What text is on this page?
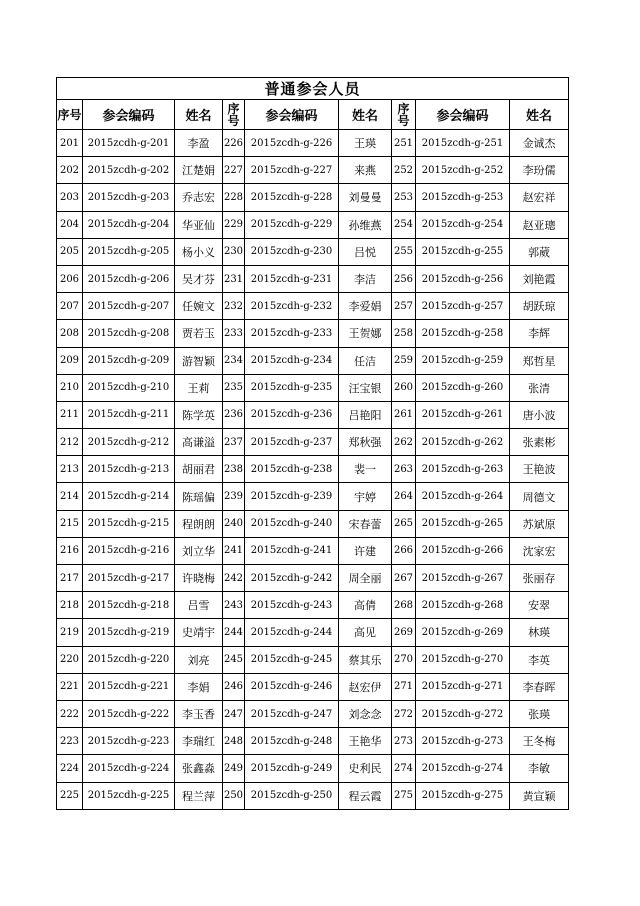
普通参会人员								
序号	参会编码	姓名	序号	参会编码	姓名	序号	参会编码	姓名
201	2015zcdh-g-201	李盈	226	2015zcdh-g-226	王瑛	251	2015zcdh-g-251	金诚杰
202	2015zcdh-g-202	江楚娟	227	2015zcdh-g-227	来燕	252	2015zcdh-g-252	李玢儒
203	2015zcdh-g-203	乔志宏	228	2015zcdh-g-228	刘曼曼	253	2015zcdh-g-253	赵宏祥
204	2015zcdh-g-204	华亚仙	229	2015zcdh-g-229	孙维燕	254	2015zcdh-g-254	赵亚璁
205	2015zcdh-g-205	杨小义	230	2015zcdh-g-230	吕悦	255	2015zcdh-g-255	郭葳
206	2015zcdh-g-206	吴才芬	231	2015zcdh-g-231	李洁	256	2015zcdh-g-256	刘艳霞
207	2015zcdh-g-207	任婉文	232	2015zcdh-g-232	李爱娟	257	2015zcdh-g-257	胡跃琼
208	2015zcdh-g-208	贾若玉	233	2015zcdh-g-233	王贺娜	258	2015zcdh-g-258	李辉
209	2015zcdh-g-209	游智颖	234	2015zcdh-g-234	任洁	259	2015zcdh-g-259	郑哲星
210	2015zcdh-g-210	王莉	235	2015zcdh-g-235	汪宝银	260	2015zcdh-g-260	张清
211	2015zcdh-g-211	陈学英	236	2015zcdh-g-236	吕艳阳	261	2015zcdh-g-261	唐小波
212	2015zcdh-g-212	高谦溢	237	2015zcdh-g-237	郑秋强	262	2015zcdh-g-262	张素彬
213	2015zcdh-g-213	胡丽君	238	2015zcdh-g-238	裴一	263	2015zcdh-g-263	王艳波
214	2015zcdh-g-214	陈瑶偏	239	2015zcdh-g-239	宇婷	264	2015zcdh-g-264	周德文
215	2015zcdh-g-215	程朗朗	240	2015zcdh-g-240	宋春蕾	265	2015zcdh-g-265	苏斌原
216	2015zcdh-g-216	刘立华	241	2015zcdh-g-241	许建	266	2015zcdh-g-266	沈家宏
217	2015zcdh-g-217	许晓梅	242	2015zcdh-g-242	周全丽	267	2015zcdh-g-267	张丽存
218	2015zcdh-g-218	吕雪	243	2015zcdh-g-243	高倩	268	2015zcdh-g-268	安翠
219	2015zcdh-g-219	史靖宇	244	2015zcdh-g-244	高见	269	2015zcdh-g-269	林瑛
220	2015zcdh-g-220	刘亮	245	2015zcdh-g-245	蔡其乐	270	2015zcdh-g-270	李英
221	2015zcdh-g-221	李娟	246	2015zcdh-g-246	赵宏伊	271	2015zcdh-g-271	李春晖
222	2015zcdh-g-222	李玉香	247	2015zcdh-g-247	刘念念	272	2015zcdh-g-272	张瑛
223	2015zcdh-g-223	李瑞红	248	2015zcdh-g-248	王艳华	273	2015zcdh-g-273	王冬梅
224	2015zcdh-g-224	张鑫淼	249	2015zcdh-g-249	史利民	274	2015zcdh-g-274	李敏
225	2015zcdh-g-225	程兰萍	250	2015zcdh-g-250	程云霞	275	2015zcdh-g-275	黄宣颖
